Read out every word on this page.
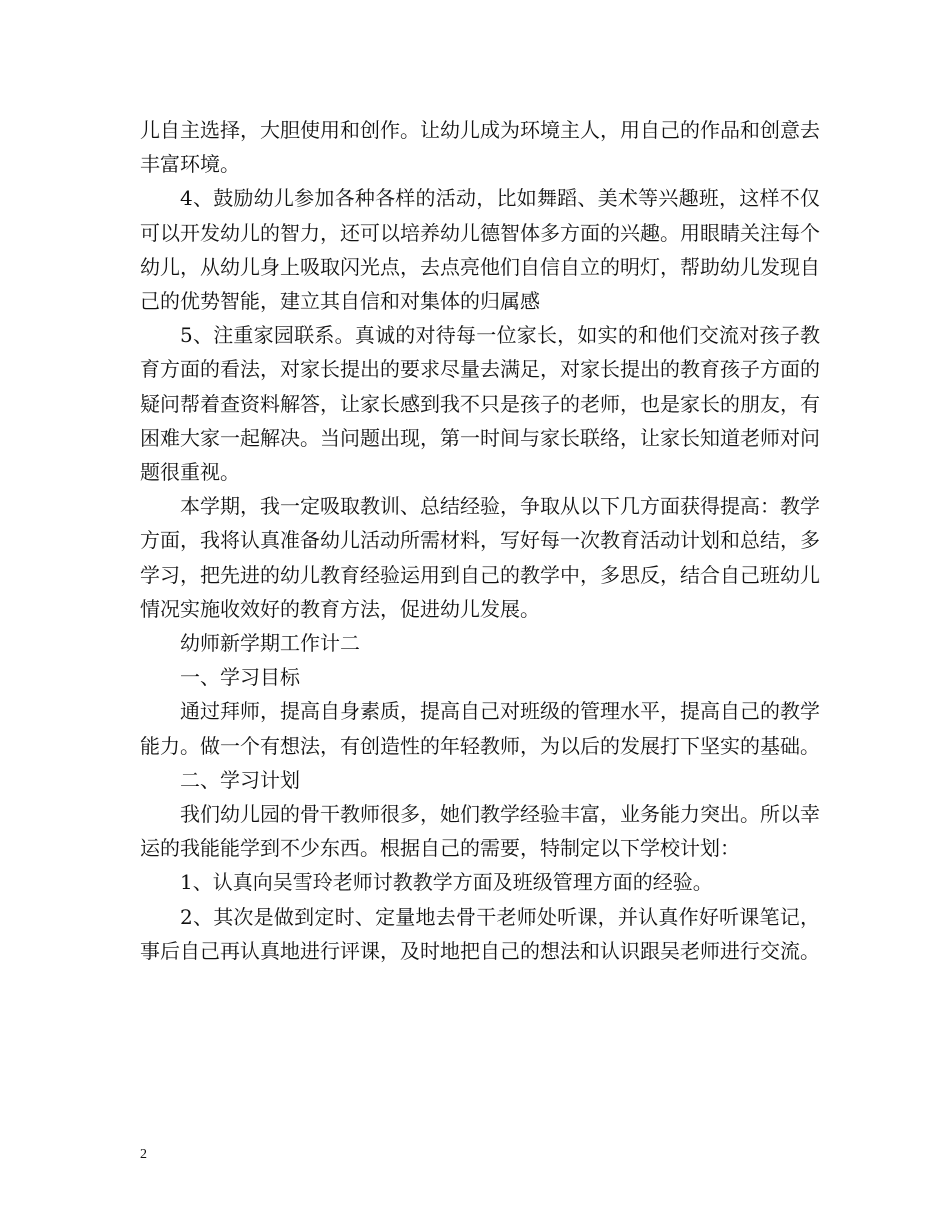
儿自主选择，大胆使用和创作。让幼儿成为环境主人，用自己的作品和创意去丰富环境。

4、鼓励幼儿参加各种各样的活动，比如舞蹈、美术等兴趣班，这样不仅可以开发幼儿的智力，还可以培养幼儿德智体多方面的兴趣。用眼睛关注每个幼儿，从幼儿身上吸取闪光点，去点亮他们自信自立的明灯，帮助幼儿发现自己的优势智能，建立其自信和对集体的归属感

5、注重家园联系。真诚的对待每一位家长，如实的和他们交流对孩子教育方面的看法，对家长提出的要求尽量去满足，对家长提出的教育孩子方面的疑问帮着查资料解答，让家长感到我不只是孩子的老师，也是家长的朋友，有困难大家一起解决。当问题出现，第一时间与家长联络，让家长知道老师对问题很重视。

本学期，我一定吸取教训、总结经验，争取从以下几方面获得提高：教学方面，我将认真准备幼儿活动所需材料，写好每一次教育活动计划和总结，多学习，把先进的幼儿教育经验运用到自己的教学中，多思反，结合自己班幼儿情况实施收效好的教育方法，促进幼儿发展。

幼师新学期工作计二

一、学习目标

通过拜师，提高自身素质，提高自己对班级的管理水平，提高自己的教学能力。做一个有想法，有创造性的年轻教师，为以后的发展打下坚实的基础。

二、学习计划

我们幼儿园的骨干教师很多，她们教学经验丰富，业务能力突出。所以幸运的我能能学到不少东西。根据自己的需要，特制定以下学校计划：

1、认真向吴雪玲老师讨教教学方面及班级管理方面的经验。

2、其次是做到定时、定量地去骨干老师处听课，并认真作好听课笔记，事后自己再认真地进行评课，及时地把自己的想法和认识跟吴老师进行交流。

2
